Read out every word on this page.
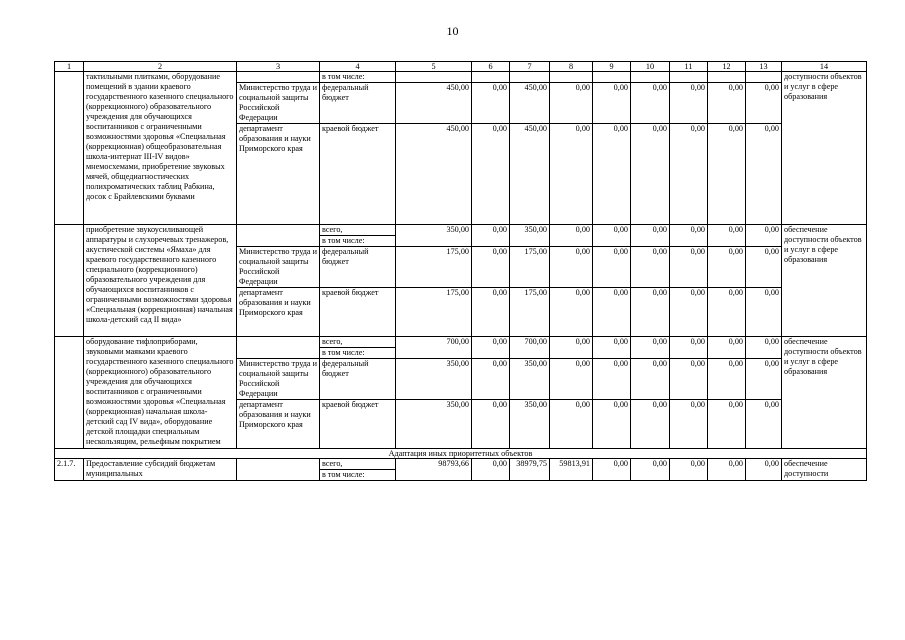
10
1	2	3	4	5	6	7	8	9	10	11	12	13	14
	тактильными плитками, оборудование помещений в здании краевого государственного казенного специального (коррекционного) образовательного учреждения для обучающихся воспитанников с ограниченными возможностями здоровья «Специальная (коррекционная) общеобразовательная школа-интернат III-IV видов» мнемосхемами, приобретение звуковых мячей, общедиагностических полихроматических таблиц Рабкина, досок с Брайлевскими буквами		в том числе:										доступности объектов и услуг в сфере образования
		Министерство труда и социальной защиты Российской Федерации	федеральный бюджет	450,00	0,00	450,00	0,00	0,00	0,00	0,00	0,00	0,00	
		департамент образования и науки Приморского края	краевой бюджет	450,00	0,00	450,00	0,00	0,00	0,00	0,00	0,00	0,00	
	приобретение звукоусиливающей аппаратуры и слухоречевых тренажеров, акустической системы «Ямаха» для краевого государственного казенного специального (коррекционного) образовательного учреждения для обучающихся воспитанников с ограниченными возможностями здоровья «Специальная (коррекционная) начальная школа-детский сад II вида»		всего,	350,00	0,00	350,00	0,00	0,00	0,00	0,00	0,00	0,00	обеспечение доступности объектов и услуг в сфере образования
			в том числе:										
		Министерство труда и социальной защиты Российской Федерации	федеральный бюджет	175,00	0,00	175,00	0,00	0,00	0,00	0,00	0,00	0,00	
		департамент образования и науки Приморского края	краевой бюджет	175,00	0,00	175,00	0,00	0,00	0,00	0,00	0,00	0,00	
	оборудование тифлоприборами, звуковыми маяками краевого государственного казенного специального (коррекционного) образовательного учреждения для обучающихся воспитанников с ограниченными возможностями здоровья «Специальная (коррекционная) начальная школа-детский сад IV вида», оборудование детской площадки специальным нескользящим, рельефным покрытием		всего,	700,00	0,00	700,00	0,00	0,00	0,00	0,00	0,00	0,00	обеспечение доступности объектов и услуг в сфере образования
			в том числе:										
		Министерство труда и социальной защиты Российской Федерации	федеральный бюджет	350,00	0,00	350,00	0,00	0,00	0,00	0,00	0,00	0,00	
		департамент образования и науки Приморского края	краевой бюджет	350,00	0,00	350,00	0,00	0,00	0,00	0,00	0,00	0,00	
Адаптация иных приоритетных объектов													
2.1.7.	Предоставление субсидий бюджетам муниципальных		всего,	98793,66	0,00	38979,75	59813,91	0,00	0,00	0,00	0,00	0,00	обеспечение доступности
			в том числе:										
